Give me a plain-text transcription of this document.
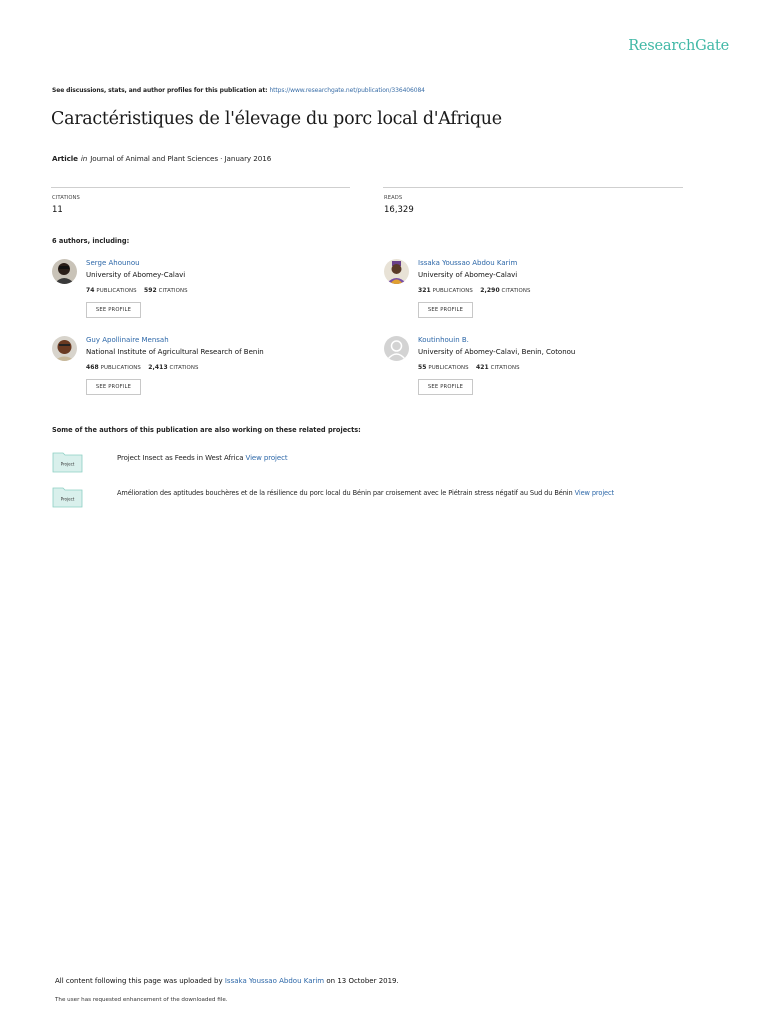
ResearchGate
See discussions, stats, and author profiles for this publication at: https://www.researchgate.net/publication/336406084
Caractéristiques de l'élevage du porc local d'Afrique
Article in Journal of Animal and Plant Sciences · January 2016
CITATIONS
11
READS
16,329
6 authors, including:
Serge Ahounou
University of Abomey-Calavi
74 PUBLICATIONS 592 CITATIONS
SEE PROFILE
Issaka Youssao Abdou Karim
University of Abomey-Calavi
321 PUBLICATIONS 2,290 CITATIONS
SEE PROFILE
Guy Apollinaire Mensah
National Institute of Agricultural Research of Benin
468 PUBLICATIONS 2,413 CITATIONS
SEE PROFILE
Koutinhouin B.
University of Abomey-Calavi, Benin, Cotonou
55 PUBLICATIONS 421 CITATIONS
SEE PROFILE
Some of the authors of this publication are also working on these related projects:
Project
Project Insect as Feeds in West Africa View project
Project
Amélioration des aptitudes bouchères et de la résilience du porc local du Bénin par croisement avec le Piétrain stress négatif au Sud du Bénin View project
All content following this page was uploaded by Issaka Youssao Abdou Karim on 13 October 2019.
The user has requested enhancement of the downloaded file.
